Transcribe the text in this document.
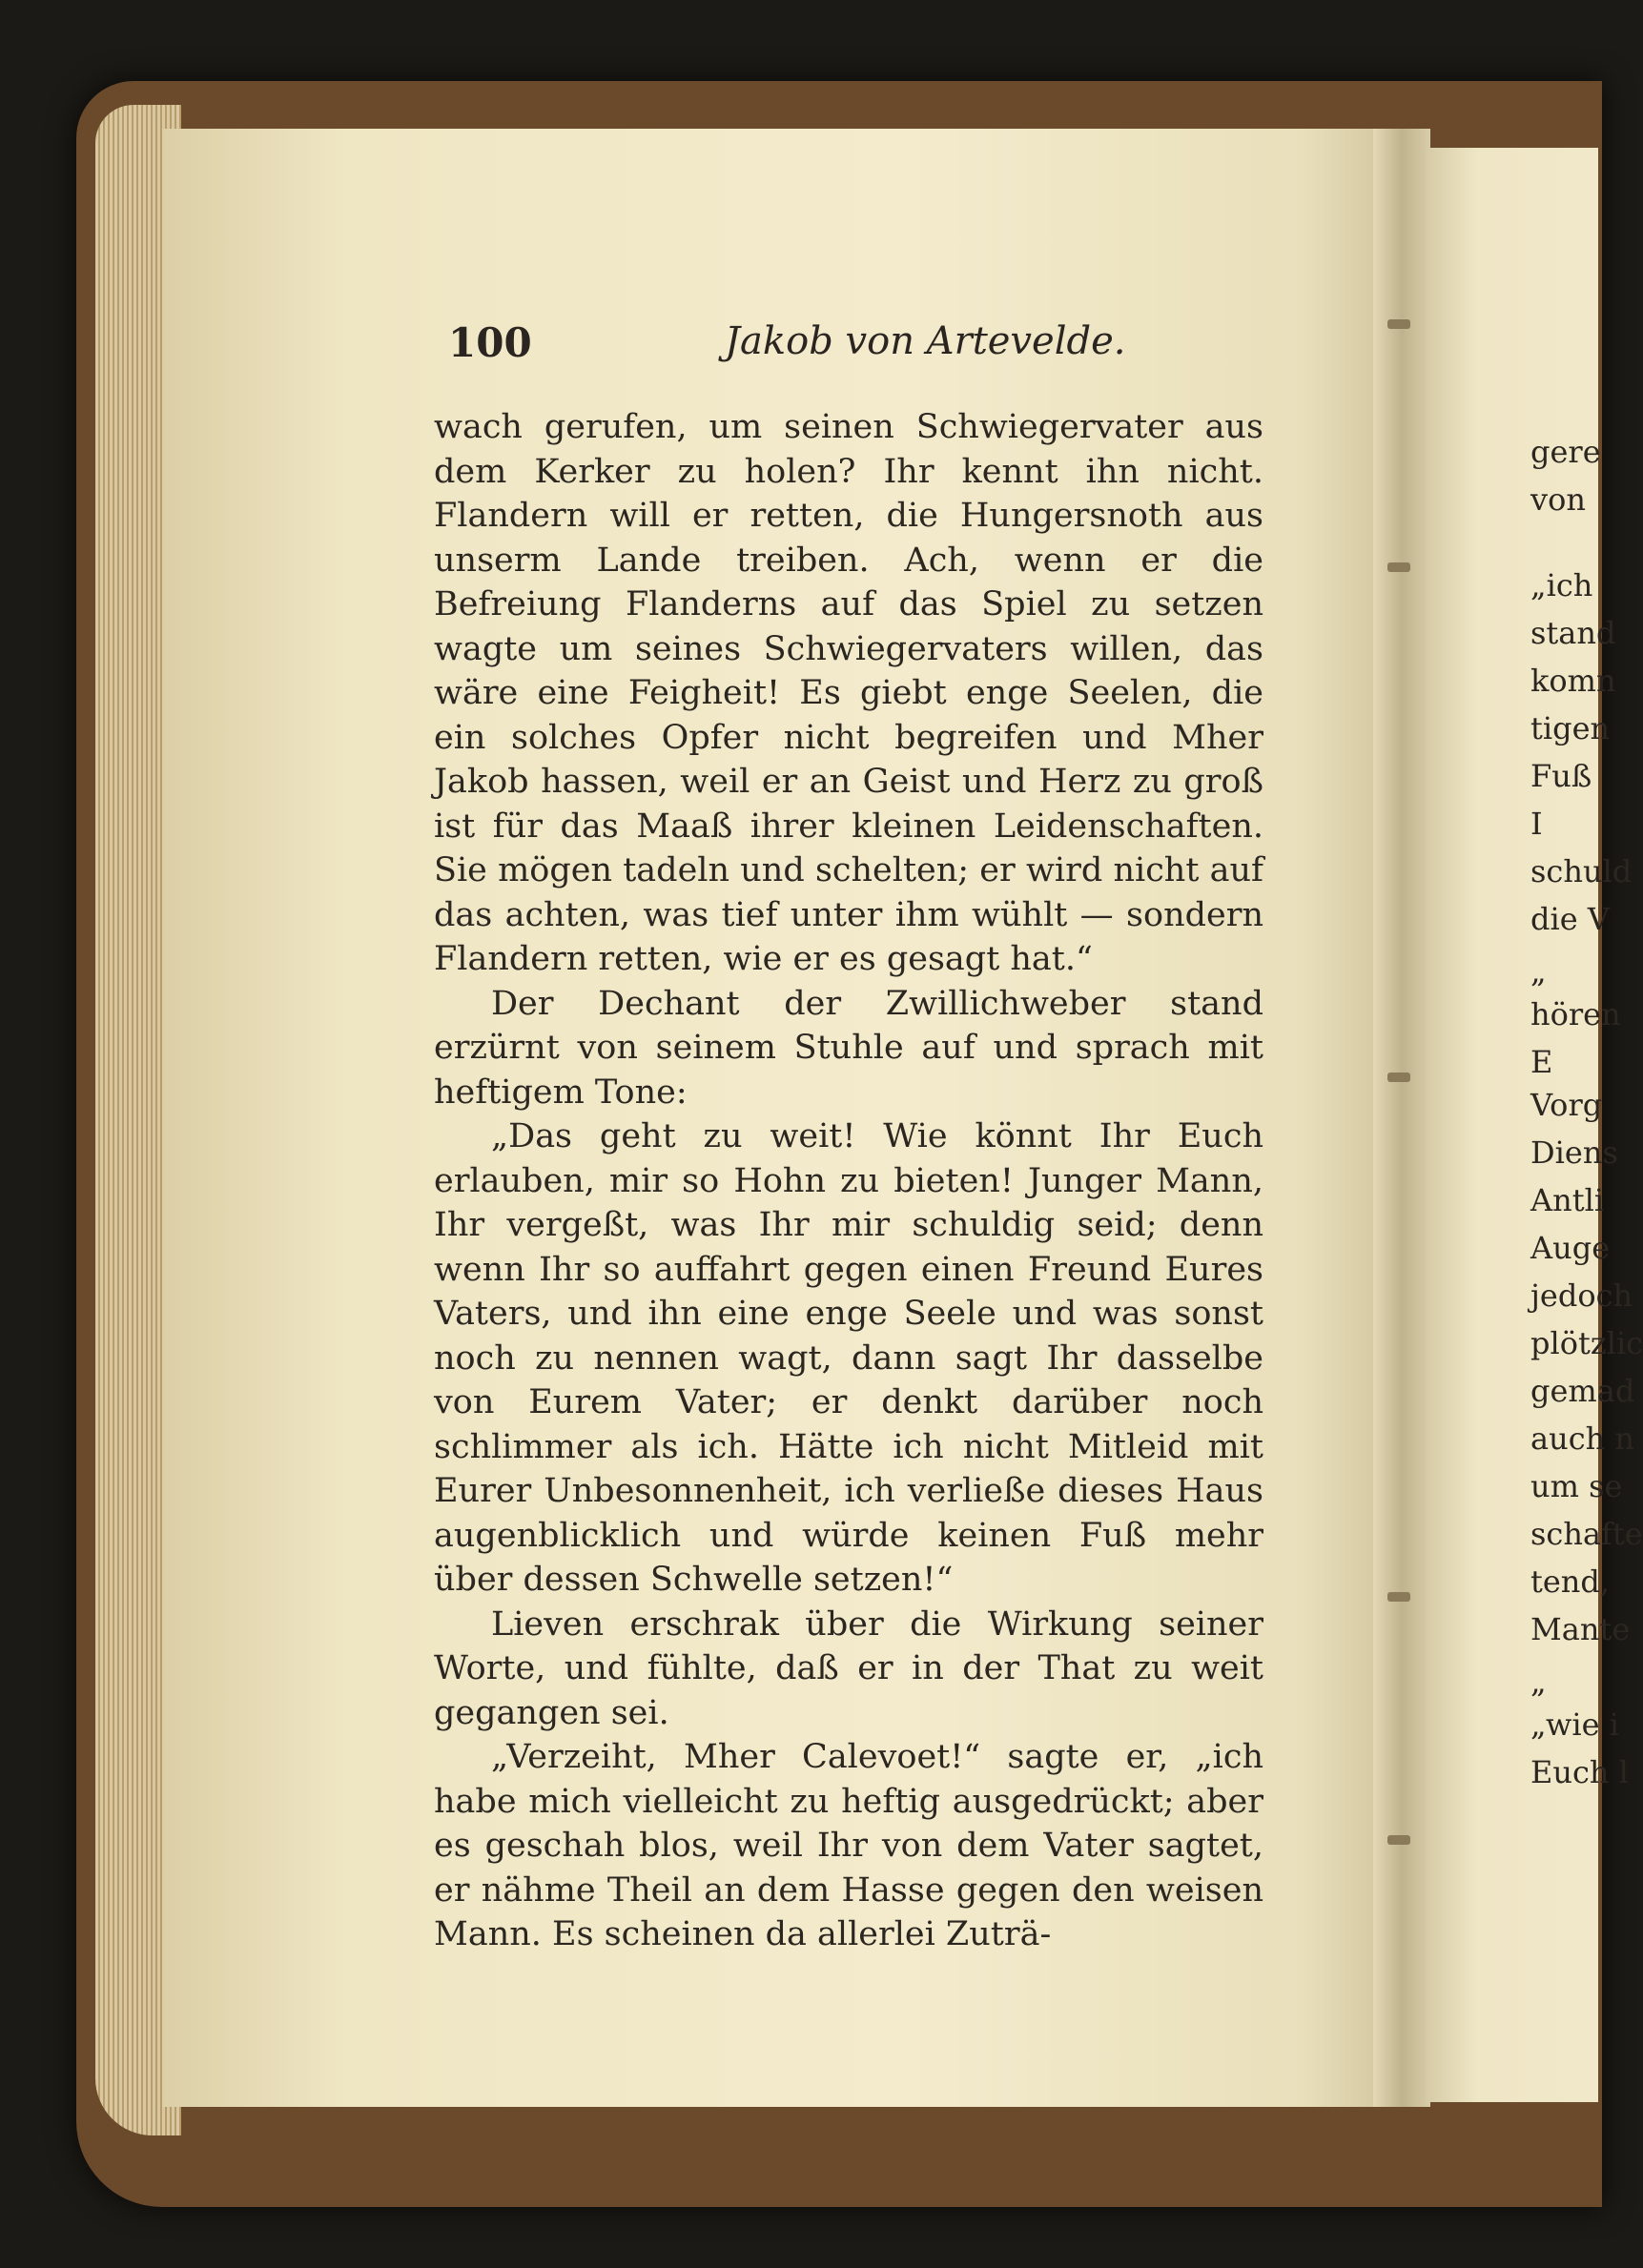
100	Jakob von Artevelde.

wach gerufen, um seinen Schwiegervater aus dem Kerker zu holen? Ihr kennt ihn nicht. Flandern will er retten, die Hungersnoth aus unserm Lande treiben. Ach, wenn er die Befreiung Flanderns auf das Spiel zu setzen wagte um seines Schwiegervaters willen, das wäre eine Feigheit! Es giebt enge Seelen, die ein solches Opfer nicht begreifen und Mher Jakob hassen, weil er an Geist und Herz zu groß ist für das Maaß ihrer kleinen Leidenschaften. Sie mögen tadeln und schelten; er wird nicht auf das achten, was tief unter ihm wühlt — sondern Flandern retten, wie er es gesagt hat.“

Der Dechant der Zwillichweber stand erzürnt von seinem Stuhle auf und sprach mit heftigem Tone:

„Das geht zu weit! Wie könnt Ihr Euch erlauben, mir so Hohn zu bieten! Junger Mann, Ihr vergeßt, was Ihr mir schuldig seid; denn wenn Ihr so auffahrt gegen einen Freund Eures Vaters, und ihn eine enge Seele und was sonst noch zu nennen wagt, dann sagt Ihr dasselbe von Eurem Vater; er denkt darüber noch schlimmer als ich. Hätte ich nicht Mitleid mit Eurer Unbesonnenheit, ich verließe dieses Haus augenblicklich und würde keinen Fuß mehr über dessen Schwelle setzen!“

Lieven erschrak über die Wirkung seiner Worte, und fühlte, daß er in der That zu weit gegangen sei.

„Verzeiht, Mher Calevoet!“ sagte er, „ich habe mich vielleicht zu heftig ausgedrückt; aber es geschah blos, weil Ihr von dem Vater sagtet, er nähme Theil an dem Hasse gegen den weisen Mann. Es scheinen da allerlei Zuträ-

gere
von
„ich
stand
komn
tigen
Fuß
I
schuld
die V
„
hören
E
Vorg
Diens
Antli
Auge
jedoch
plötzlic
gemad
auch n
um se
schafte
tend,
Mante
„
„wie i
Euch l
